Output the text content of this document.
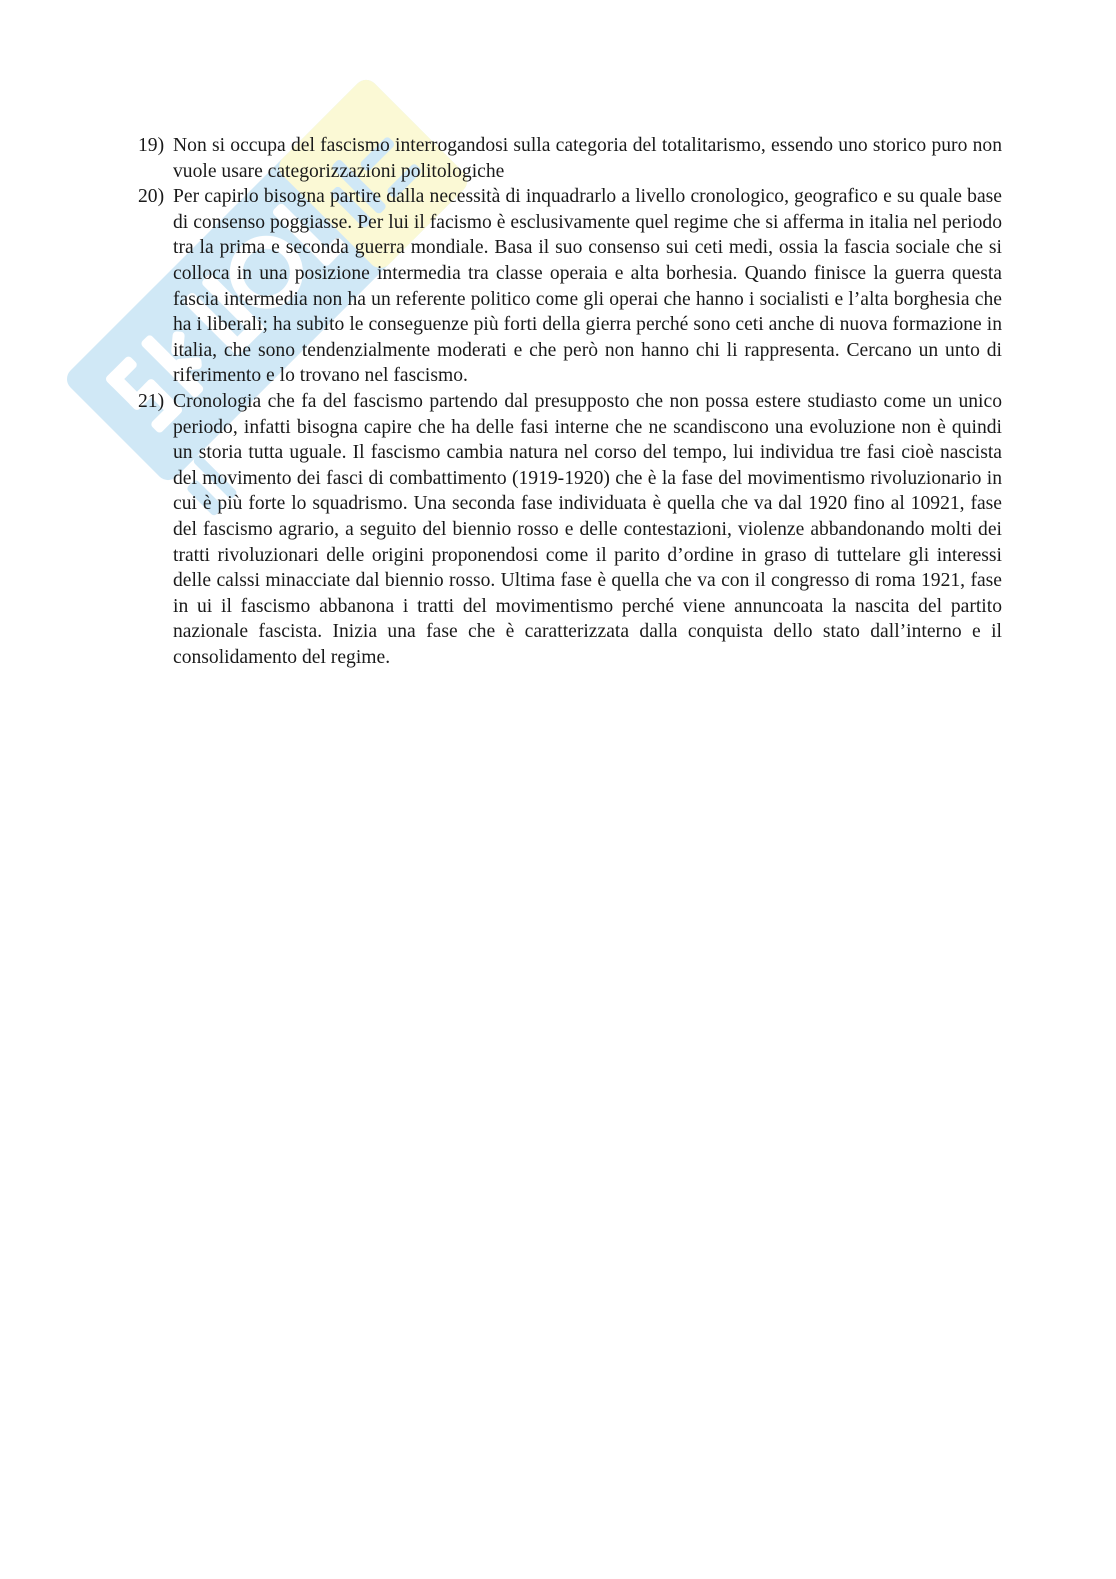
19) Non si occupa del fascismo interrogandosi sulla categoria del totalitarismo, essendo uno storico puro non vuole usare categorizzazioni politologiche
20) Per capirlo bisogna partire dalla necessità di inquadrarlo a livello cronologico, geografico e su quale base di consenso poggiasse. Per lui il facismo è esclusivamente quel regime che si afferma in italia nel periodo tra la prima e seconda guerra mondiale. Basa il suo consenso sui ceti medi, ossia la fascia sociale che si colloca in una posizione intermedia tra classe operaia e alta borhesia. Quando finisce la guerra questa fascia intermedia non ha un referente politico come gli operai che hanno i socialisti e l’alta borghesia che ha i liberali; ha subito le conseguenze più forti della gierra perché sono ceti anche di nuova formazione in italia, che sono tendenzialmente moderati e che però non hanno chi li rappresenta. Cercano un unto di riferimento e lo trovano nel fascismo.
21) Cronologia che fa del fascismo partendo dal presupposto che non possa estere studiasto come un unico periodo, infatti bisogna capire che ha delle fasi interne che ne scandiscono una evoluzione non è quindi un storia tutta uguale. Il fascismo cambia natura nel corso del tempo, lui individua tre fasi cioè nascista del movimento dei fasci di combattimento (1919-1920) che è la fase del movimentismo rivoluzionario in cui è più forte lo squadrismo. Una seconda fase individuata è quella che va dal 1920 fino al 10921, fase del fascismo agrario, a seguito del biennio rosso e delle contestazioni, violenze abbandonando molti dei tratti rivoluzionari delle origini proponendosi come il parito d’ordine in graso di tuttelare gli interessi delle calssi minacciate dal biennio rosso. Ultima fase è quella che va con il congresso di roma 1921, fase in ui il fascismo abbanona i tratti del movimentismo perché viene annuncoata la nascita del partito nazionale fascista. Inizia una fase che è caratterizzata dalla conquista dello stato dall’interno e il consolidamento del regime.
